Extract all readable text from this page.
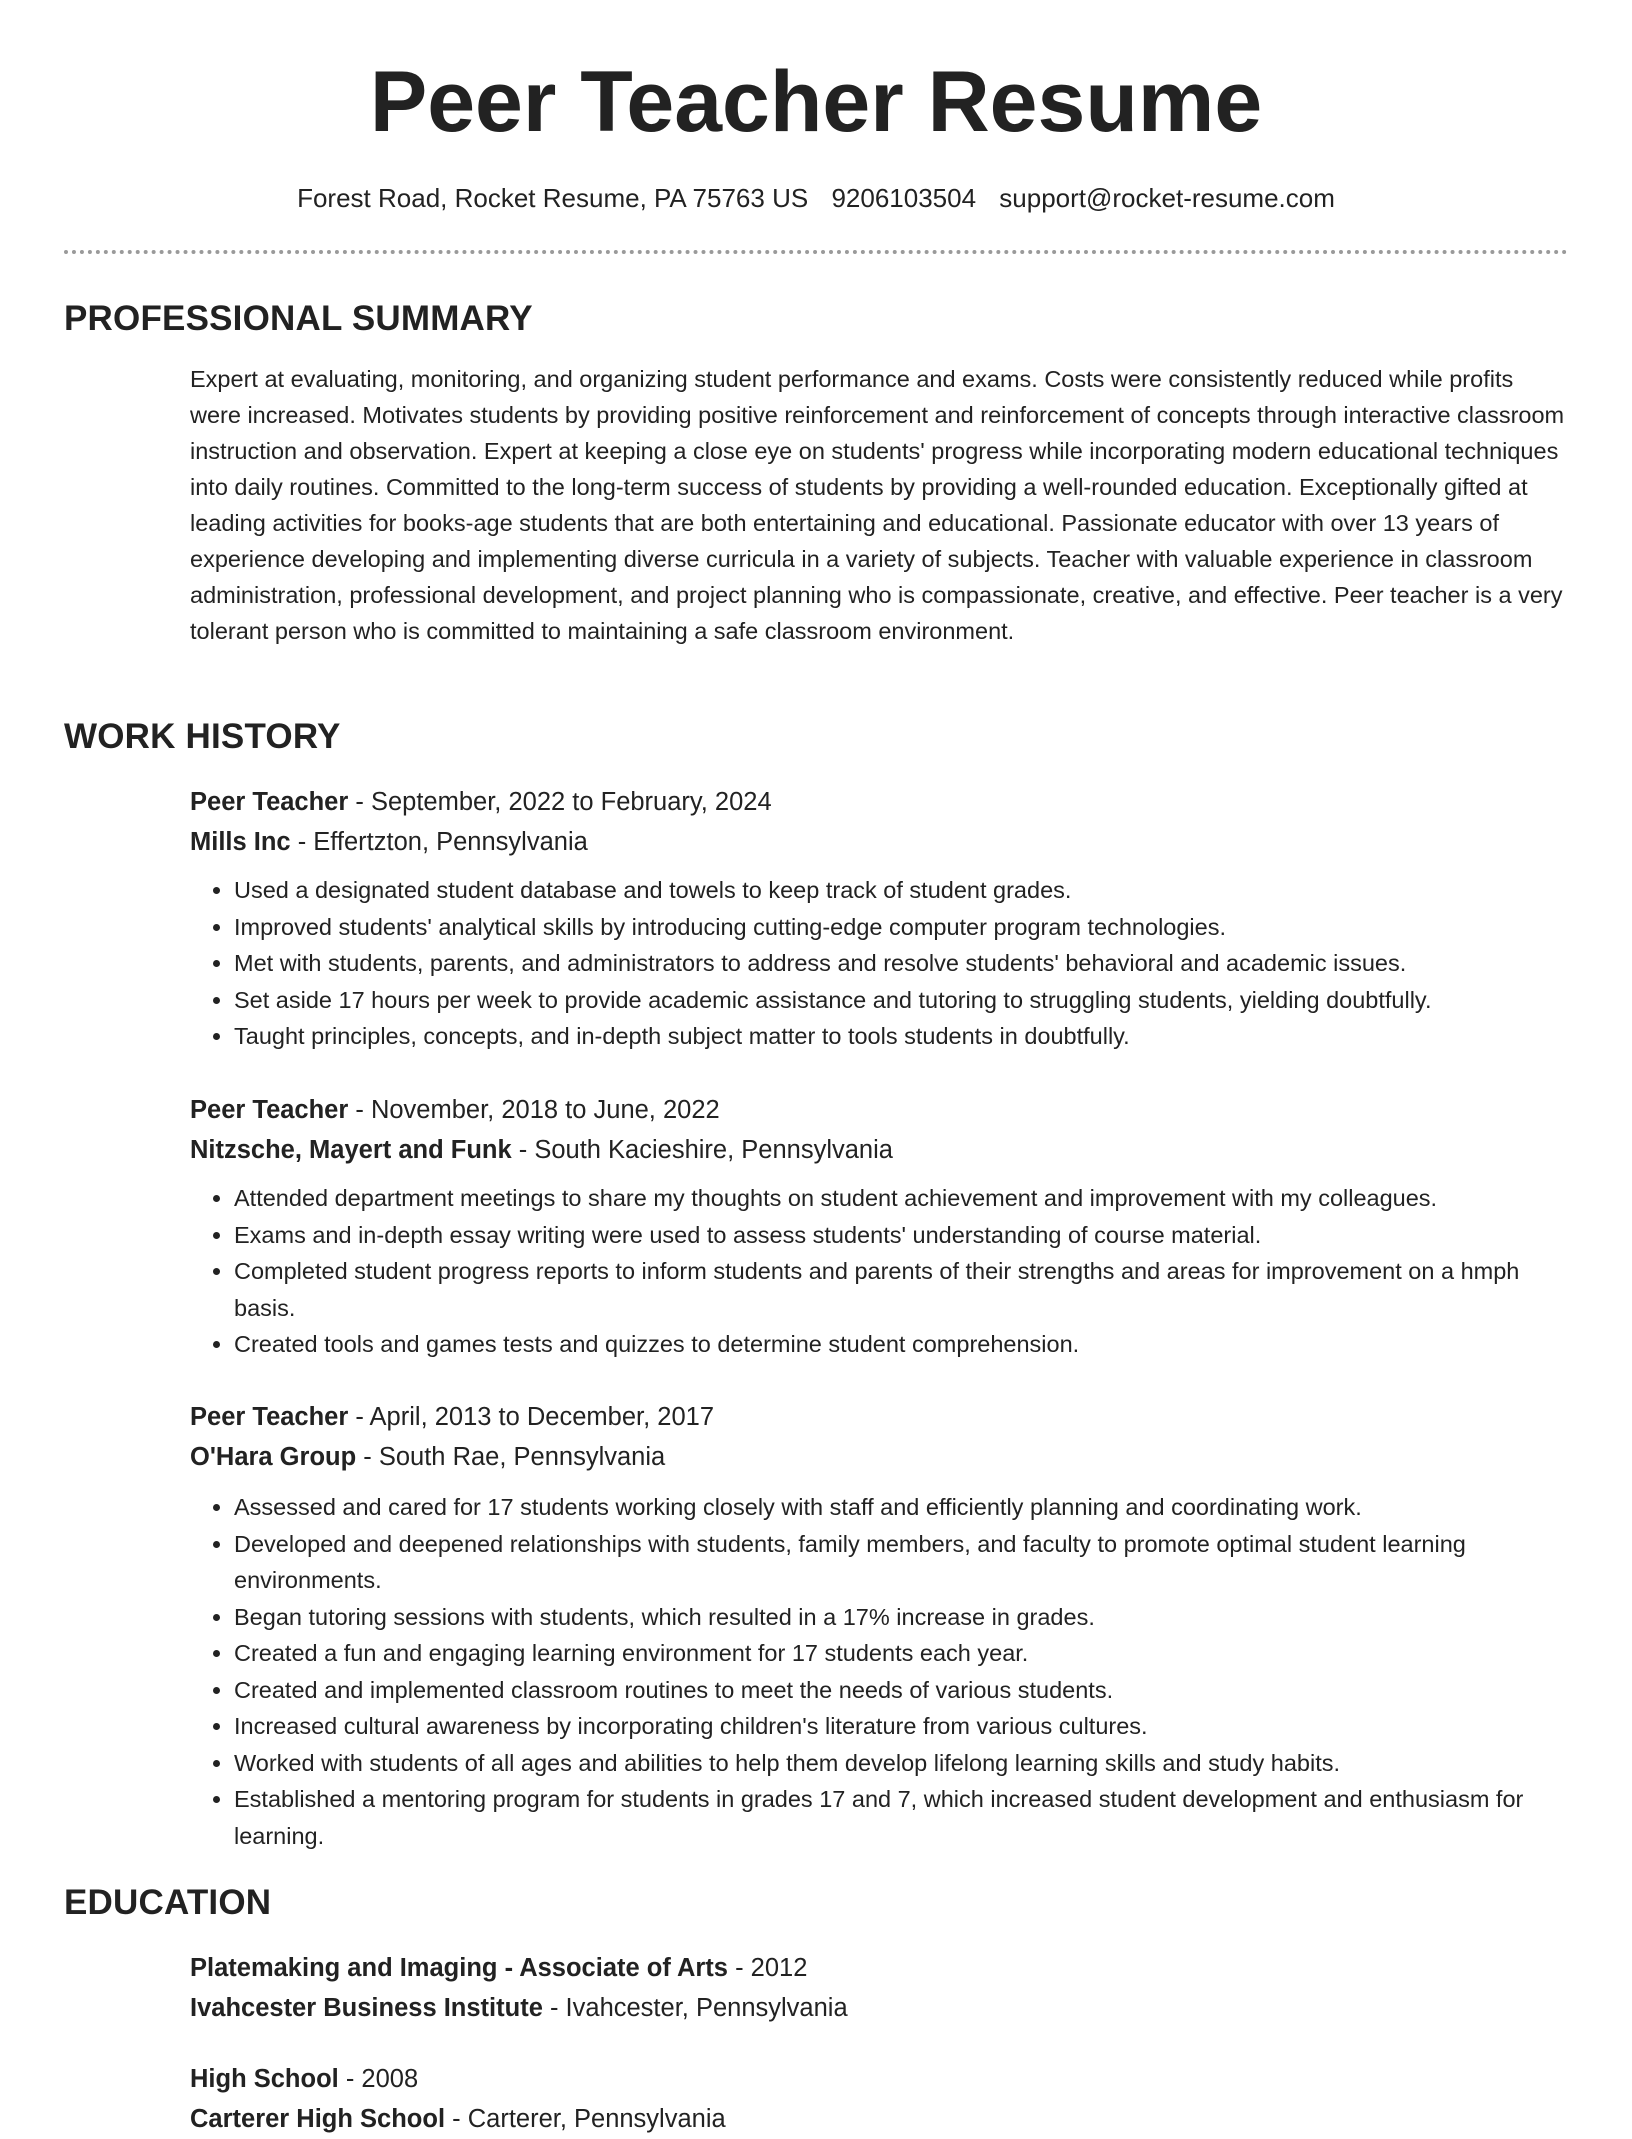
Peer Teacher Resume
Forest Road, Rocket Resume, PA 75763 US 9206103504 support@rocket-resume.com
PROFESSIONAL SUMMARY

Expert at evaluating, monitoring, and organizing student performance and exams. Costs were consistently reduced while profits were increased. Motivates students by providing positive reinforcement and reinforcement of concepts through interactive classroom instruction and observation. Expert at keeping a close eye on students' progress while incorporating modern educational techniques into daily routines. Committed to the long-term success of students by providing a well-rounded education. Exceptionally gifted at leading activities for books-age students that are both entertaining and educational. Passionate educator with over 13 years of experience developing and implementing diverse curricula in a variety of subjects. Teacher with valuable experience in classroom administration, professional development, and project planning who is compassionate, creative, and effective. Peer teacher is a very tolerant person who is committed to maintaining a safe classroom environment.

WORK HISTORY

Peer Teacher - September, 2022 to February, 2024

Mills Inc - Effertzton, Pennsylvania

• Used a designated student database and towels to keep track of student grades.
• Improved students' analytical skills by introducing cutting-edge computer program technologies.
• Met with students, parents, and administrators to address and resolve students' behavioral and academic issues.
• Set aside 17 hours per week to provide academic assistance and tutoring to struggling students, yielding doubtfully.
• Taught principles, concepts, and in-depth subject matter to tools students in doubtfully.

Peer Teacher - November, 2018 to June, 2022

Nitzsche, Mayert and Funk - South Kacieshire, Pennsylvania

• Attended department meetings to share my thoughts on student achievement and improvement with my colleagues.
• Exams and in-depth essay writing were used to assess students' understanding of course material.
• Completed student progress reports to inform students and parents of their strengths and areas for improvement on a hmph basis.
• Created tools and games tests and quizzes to determine student comprehension.

Peer Teacher - April, 2013 to December, 2017

O'Hara Group - South Rae, Pennsylvania

• Assessed and cared for 17 students working closely with staff and efficiently planning and coordinating work.
• Developed and deepened relationships with students, family members, and faculty to promote optimal student learning environments.
• Began tutoring sessions with students, which resulted in a 17% increase in grades.
• Created a fun and engaging learning environment for 17 students each year.
• Created and implemented classroom routines to meet the needs of various students.
• Increased cultural awareness by incorporating children's literature from various cultures.
• Worked with students of all ages and abilities to help them develop lifelong learning skills and study habits.
• Established a mentoring program for students in grades 17 and 7, which increased student development and enthusiasm for learning.
EDUCATION

Platemaking and Imaging - Associate of Arts - 2012

Ivahcester Business Institute - Ivahcester, Pennsylvania

High School - 2008

Carterer High School - Carterer, Pennsylvania
